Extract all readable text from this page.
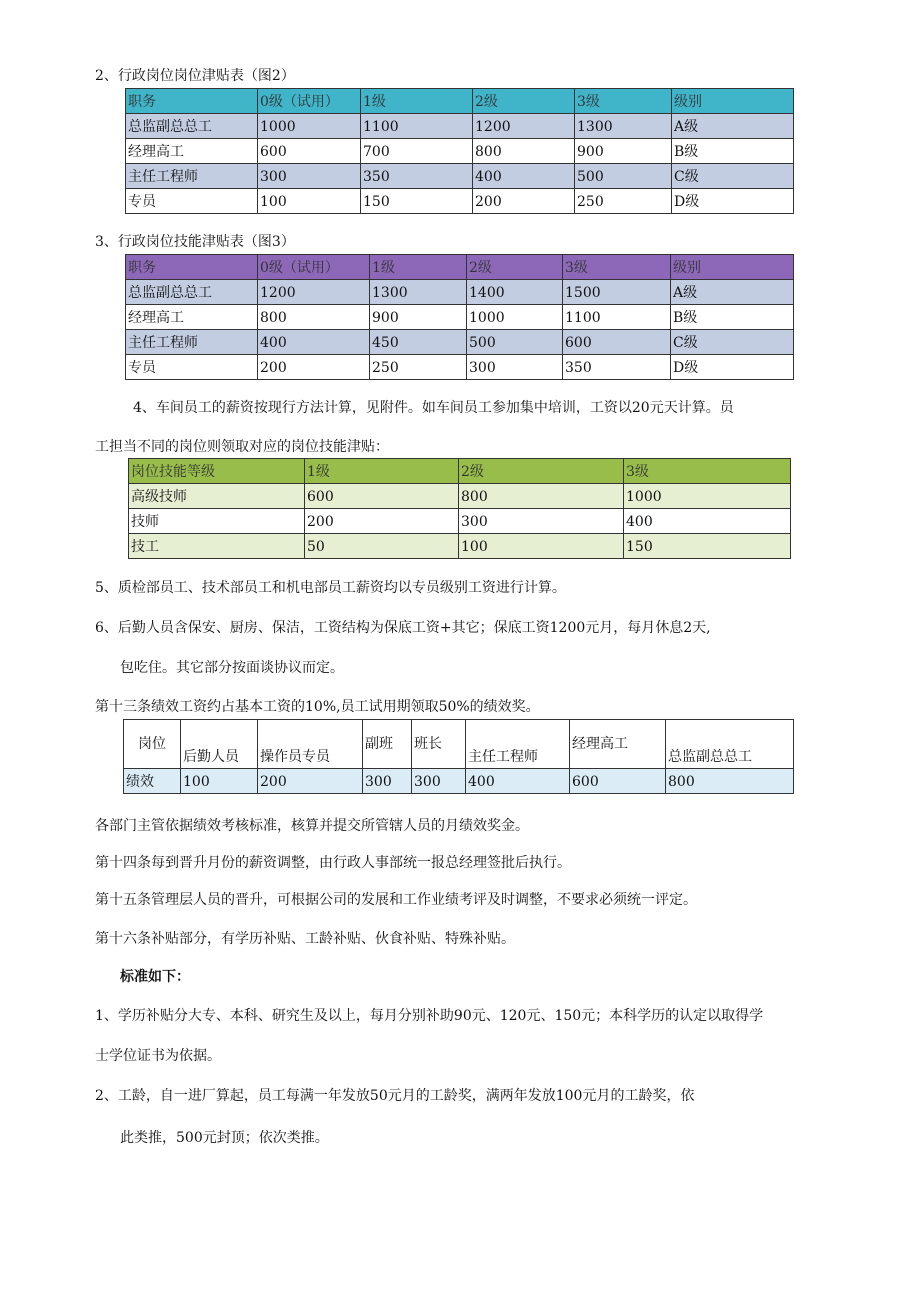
2、行政岗位岗位津贴表（图2）
职务	0级（试用）	1级	2级	3级	级别
总监副总总工	1000	1100	1200	1300	A级
经理高工	600	700	800	900	B级
主任工程师	300	350	400	500	C级
专员	100	150	200	250	D级
3、行政岗位技能津贴表（图3）
职务	0级（试用）	1级	2级	3级	级别
总监副总总工	1200	1300	1400	1500	A级
经理高工	800	900	1000	1100	B级
主任工程师	400	450	500	600	C级
专员	200	250	300	350	D级
4、车间员工的薪资按现行方法计算，见附件。如车间员工参加集中培训，工资以20元天计算。员
工担当不同的岗位则领取对应的岗位技能津贴：
岗位技能等级	1级	2级	3级
高级技师	600	800	1000
技师	200	300	400
技工	50	100	150
5、质检部员工、技术部员工和机电部员工薪资均以专员级别工资进行计算。
6、后勤人员含保安、厨房、保洁，工资结构为保底工资+其它；保底工资1200元月，每月休息2天,
包吃住。其它部分按面谈协议而定。
第十三条绩效工资约占基本工资的10%,员工试用期领取50%的绩效奖。
岗位	后勤人员	操作员专员	副班	班长	主任工程师	经理高工	总监副总总工
绩效	100	200	300	300	400	600	800
各部门主管依据绩效考核标准，核算并提交所管辖人员的月绩效奖金。
第十四条每到晋升月份的薪资调整，由行政人事部统一报总经理签批后执行。
第十五条管理层人员的晋升，可根据公司的发展和工作业绩考评及时调整，不要求必须统一评定。
第十六条补贴部分，有学历补贴、工龄补贴、伙食补贴、特殊补贴。
标准如下：
1、学历补贴分大专、本科、研究生及以上，每月分别补助90元、120元、150元；本科学历的认定以取得学
士学位证书为依据。
2、工龄，自一进厂算起，员工每满一年发放50元月的工龄奖，满两年发放100元月的工龄奖，依
此类推，500元封顶；依次类推。
